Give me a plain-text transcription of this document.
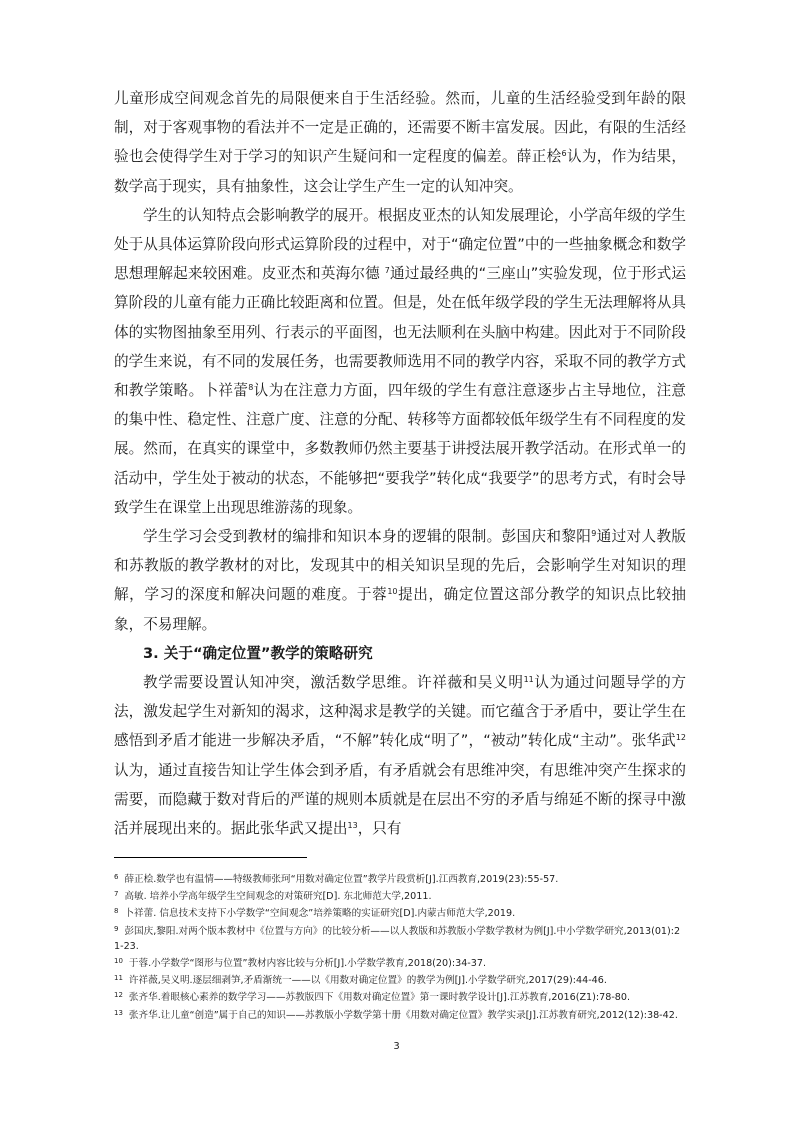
儿童形成空间观念首先的局限便来自于生活经验。然而，儿童的生活经验受到年龄的限制，对于客观事物的看法并不一定是正确的，还需要不断丰富发展。因此，有限的生活经验也会使得学生对于学习的知识产生疑问和一定程度的偏差。薛正桧$^6$认为，作为结果，数学高于现实，具有抽象性，这会让学生产生一定的认知冲突。

学生的认知特点会影响教学的展开。根据皮亚杰的认知发展理论，小学高年级的学生处于从具体运算阶段向形式运算阶段的过程中，对于“确定位置”中的一些抽象概念和数学思想理解起来较困难。皮亚杰和英海尔德 $^7$通过最经典的“三座山”实验发现，位于形式运算阶段的儿童有能力正确比较距离和位置。但是，处在低年级学段的学生无法理解将从具体的实物图抽象至用列、行表示的平面图，也无法顺利在头脑中构建。因此对于不同阶段的学生来说，有不同的发展任务，也需要教师选用不同的教学内容，采取不同的教学方式和教学策略。卜祥蕾$^8$认为在注意力方面，四年级的学生有意注意逐步占主导地位，注意的集中性、稳定性、注意广度、注意的分配、转移等方面都较低年级学生有不同程度的发展。然而，在真实的课堂中，多数教师仍然主要基于讲授法展开教学活动。在形式单一的活动中，学生处于被动的状态，不能够把“要我学”转化成“我要学”的思考方式，有时会导致学生在课堂上出现思维游荡的现象。

学生学习会受到教材的编排和知识本身的逻辑的限制。彭国庆和黎阳$^9$通过对人教版和苏教版的教学教材的对比，发现其中的相关知识呈现的先后，会影响学生对知识的理解，学习的深度和解决问题的难度。于蓉$^{10}$提出，确定位置这部分教学的知识点比较抽象，不易理解。

3. 关于“确定位置”教学的策略研究

教学需要设置认知冲突，激活数学思维。许祥薇和吴义明$^{11}$认为通过问题导学的方法，激发起学生对新知的渴求，这种渴求是教学的关键。而它蕴含于矛盾中，要让学生在感悟到矛盾才能进一步解决矛盾，“不解”转化成“明了”，“被动”转化成“主动”。张华武$^{12}$认为，通过直接告知让学生体会到矛盾，有矛盾就会有思维冲突，有思维冲突产生探求的需要，而隐藏于数对背后的严谨的规则本质就是在层出不穷的矛盾与绵延不断的探寻中激活并展现出来的。据此张华武又提出$^{13}$，只有

$^6$ 薛正桧.数学也有温情——特级教师张珂“用数对确定位置”教学片段赏析[J].江西教育,2019(23):55-57.

$^7$ 高敏. 培养小学高年级学生空间观念的对策研究[D]. 东北师范大学,2011.

$^8$ 卜祥蕾. 信息技术支持下小学数学“空间观念”培养策略的实证研究[D].内蒙古师范大学,2019.

$^9$ 彭国庆,黎阳.对两个版本教材中《位置与方向》的比较分析——以人教版和苏教版小学数学教材为例[J].中小学数学研究,2013(01):21-23.

$^{10}$ 于蓉.小学数学“图形与位置”教材内容比较与分析[J].小学数学教育,2018(20):34-37.

$^{11}$ 许祥薇,吴义明.逐层细剥笋,矛盾渐统一——以《用数对确定位置》的教学为例[J].小学数学研究,2017(29):44-46.

$^{12}$ 张齐华.着眼核心素养的数学学习——苏教版四下《用数对确定位置》第一课时教学设计[J].江苏教育,2016(Z1):78-80.

$^{13}$ 张齐华.让儿童“创造”属于自己的知识——苏教版小学数学第十册《用数对确定位置》教学实录[J].江苏教育研究,2012(12):38-42.

3
